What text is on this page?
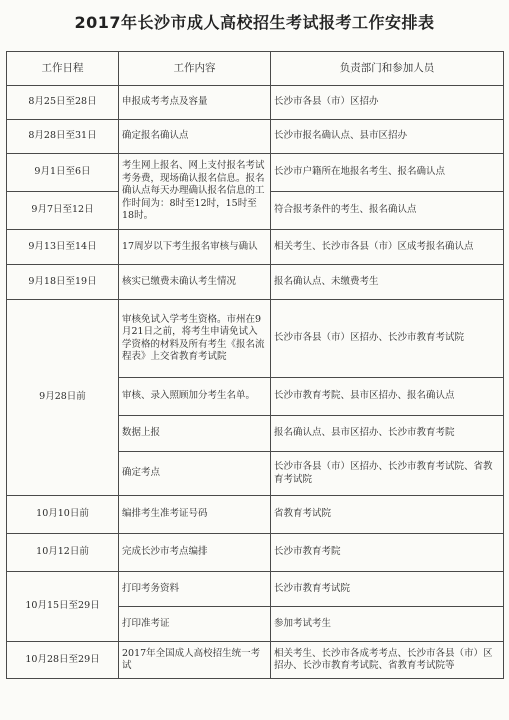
2017年长沙市成人高校招生考试报考工作安排表
工作日程	工作内容	负责部门和参加人员
8月25日至28日	申报成考考点及容量	长沙市各县（市）区招办
8月28日至31日	确定报名确认点	长沙市报名确认点、县市区招办
9月1日至6日	考生网上报名、网上支付报名考试考务费，现场确认报名信息。报名确认点每天办理确认报名信息的工作时间为：8时至12时，15时至18时。	长沙市户籍所在地报名考生、报名确认点
9月7日至12日		符合报考条件的考生、报名确认点
9月13日至14日	17周岁以下考生报名审核与确认	相关考生、长沙市各县（市）区成考报名确认点
9月18日至19日	核实已缴费未确认考生情况	报名确认点、未缴费考生
9月28日前	审核免试入学考生资格。市州在9月21日之前，将考生申请免试入学资格的材料及所有考生《报名流程表》上交省教育考试院	长沙市各县（市）区招办、长沙市教育考试院
	审核、录入照顾加分考生名单。	长沙市教育考院、县市区招办、报名确认点
	数据上报	报名确认点、县市区招办、长沙市教育考院
	确定考点	长沙市各县（市）区招办、长沙市教育考试院、省教育考试院
10月10日前	编排考生准考证号码	省教育考试院
10月12日前	完成长沙市考点编排	长沙市教育考院
10月15日至29日	打印考务资料	长沙市教育考试院
	打印准考证	参加考试考生
10月28日至29日	2017年全国成人高校招生统一考试	相关考生、长沙市各成考考点、长沙市各县（市）区招办、长沙市教育考试院、省教育考试院等
